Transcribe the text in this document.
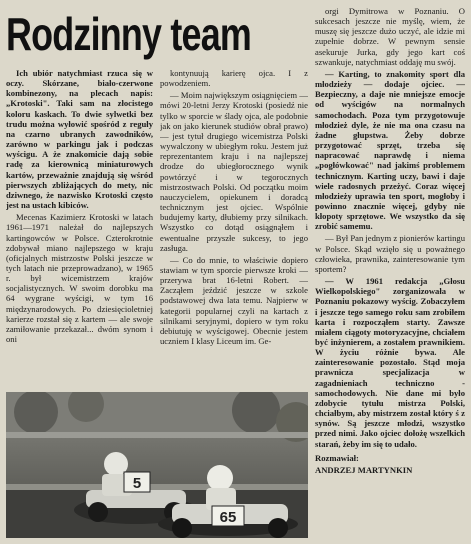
Rodzinny team

Ich ubiór natychmiast rzuca się w oczy. Skórzane, biało-czerwone kombinezony, na plecach napis: „Krotoski". Taki sam na złocistego koloru kaskach. To dwie sylwetki bez trudu można wyłowić spośród z reguły na czarno ubranych zawodników, zarówno w parkingu jak i podczas wyścigu. A że znakomicie dają sobie radę za kierownicą miniaturowych kartów, przeważnie znajdują się wśród pierwszych zbliżających do mety, nic dziwnego, że nazwisko Krotoski często jest na ustach kibiców.

Mecenas Kazimierz Krotoski w latach 1961—1971 należał do najlepszych kartingowców w Polsce. Czterokrotnie zdobywał miano najlepszego w kraju (oficjalnych mistrzostw Polski jeszcze w tych latach nie przeprowadzano), w 1965 r. był wicemistrzem krajów socjalistycznych. W swoim dorobku ma 64 wygrane wyścigi, w tym 16 międzynarodowych. Po dziesięcioletniej karierze rozstał się z kartem — ale swoje zamiłowanie przekazał... dwóm synom i oni

kontynuują karierę ojca. I z powodzeniem.

— Moim największym osiągnięciem — mówi 20-letni Jerzy Krotoski (posiedź nie tylko w sporcie w ślady ojca, ale podobnie jak on jako kierunek studiów obrał prawo) — jest tytuł drugiego wicemistrza Polski wywalczony w ubiegłym roku. Jestem już reprezentantem kraju i na najlepszej drodze do ubiegłorocznego wynik powtórzyć i w tegorocznych mistrzostwach Polski. Od początku moim nauczycielem, opiekunem i doradcą technicznym jest ojciec. Wspólnie budujemy karty, dłubiemy przy silnikach. Wszystko co dotąd osiągnąłem i ewentualne przyszłe sukcesy, to jego zasługa.

— Co do mnie, to właściwie dopiero stawiam w tym sporcie pierwsze kroki — przerywa brat 16-letni Robert. — Zacząłem jeździć jeszcze w szkole podstawowej dwa lata temu. Najpierw w kategorii popularnej czyli na kartach z silnikami seryjnymi, dopiero w tym roku debiutuję w wyścigowej. Obecnie jestem uczniem I klasy Liceum im. Ge-

orgi Dymitrowa w Poznaniu. O sukcesach jeszcze nie myślę, wiem, że muszę się jeszcze dużo uczyć, ale idzie mi zupełnie dobrze. W pewnym sensie asekuruje Jurka, gdy jego kart coś szwankuje, natychmiast oddaję mu swój.

— Karting, to znakomity sport dla młodzieży — dodaje ojciec. — Bezpieczny, a daje nie mniejsze emocje od wyścigów na normalnych samochodach. Poza tym przygotowuje młodzież dyle, że nie ma ona czasu na żadne głupstwa. Żeby dobrze przygotować sprzęt, trzeba się napracować naprawdę i niema „pogłówkować" nad jakimś problemem technicznym. Karting uczy, bawi i daje wiele radosnych przeżyć. Coraz więcej młodzieży uprawia ten sport, mogłoby i powinno znacznie więcej, gdyby nie kłopoty sprzętowe. We wszystko da się zrobić samemu.

— Był Pan jednym z pionierów kartingu w Polsce. Skąd wzięło się u poważnego człowieka, prawnika, zainteresowanie tym sportem?

— W 1961 redakcja „Głosu Wielkopolskiego" zorganizowała w Poznaniu pokazowy wyścig. Zobaczyłem i jeszcze tego samego roku sam zrobiłem karta i rozpocząłem starty. Zawsze miałem ciągoty motoryzacyjne, chciałem być inżynierem, a zostałem prawnikiem. W życiu różnie bywa. Ale zainteresowanie pozostało. Stąd moja prawnicza specjalizacja w zagadnieniach techniczno - samochodowych. Nie dane mi było zdobycie tytułu mistrza Polski, chciałbym, aby mistrzem został który ś z synów. Są jeszcze młodzi, wszystko przed nimi. Jako ojciec dołożę wszelkich starań, żeby im się to udało.

Rozmawiał:

ANDRZEJ MARTYNKIN

5
65
